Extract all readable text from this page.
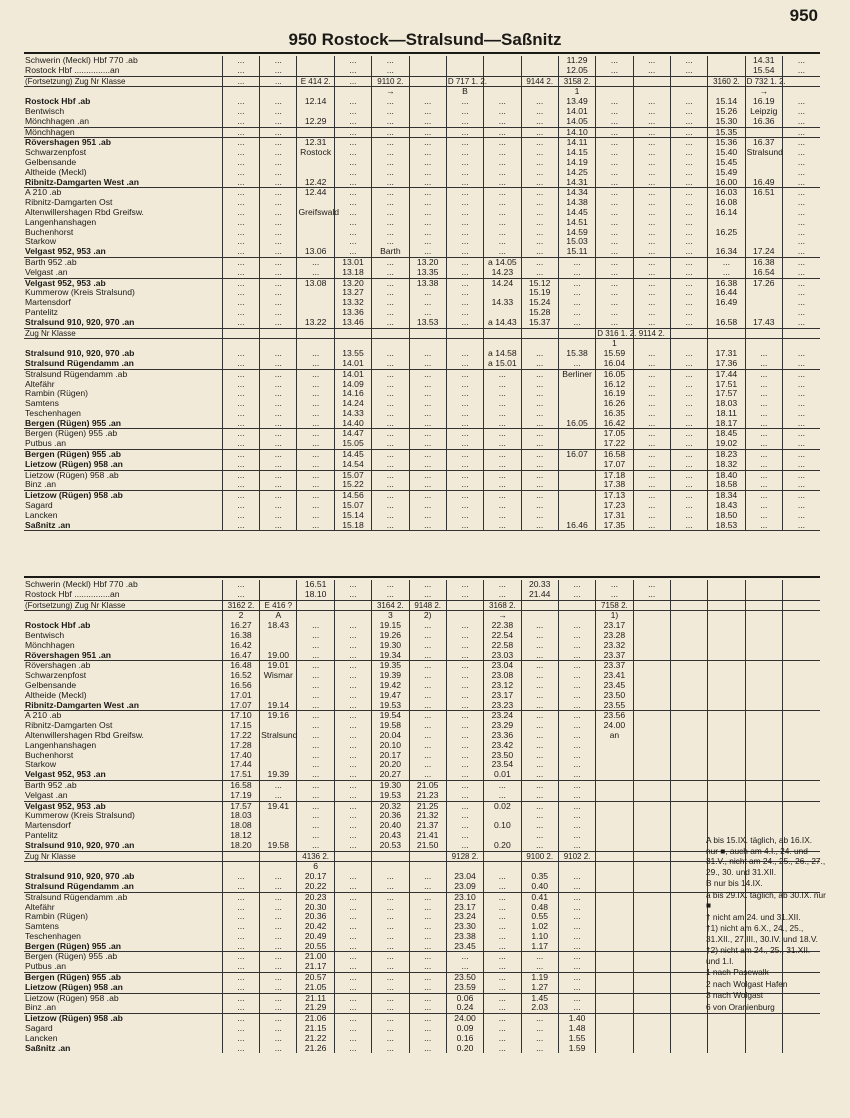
950
950 Rostock—Stralsund—Saßnitz
Schwerin (Meckl) Hbf 770 .ab	...	...		...	...					11.29	...	...	...		14.31	...
Rostock Hbf ...............an	...	...		...	...					12.05	...	...	...		15.54	...
(Fortsetzung) Zug Nr Klasse	...	...	E 414 2.	...	9110 2.		D 717 1. 2.		9144 2.	3158 2.				3160 2.	D 732 1. 2.	
					→		B			1					→	
Rostock Hbf .ab	...	...	12.14	...	...	...	...	...	...	13.49	...	...	...	15.14	16.19	...
Bentwisch	...	...		...	...	...	...	...	...	14.01	...	...	...	15.26	Leipzig	...
Mönchhagen .an	...	...	12.29	...	...	...	...	...	...	14.05	...	...	...	15.30	16.36	...
Mönchhagen	...	...		...	...	...	...	...	...	14.10	...	...	...	15.35		...
Rövershagen 951 .ab	...	...	12.31	...	...	...	...	...	...	14.11	...	...	...	15.36	16.37	...
Schwarzenpfost	...	...	Rostock	...	...	...	...	...	...	14.15	...	...	...	15.40	Stralsund	...
Gelbensande	...	...		...	...	...	...	...	...	14.19	...	...	...	15.45		...
Altheide (Meckl)	...	...		...	...	...	...	...	...	14.25	...	...	...	15.49		...
Ribnitz-Damgarten West .an	...	...	12.42	...	...	...	...	...	...	14.31	...	...	...	16.00	16.49	...
A 210 .ab	...	...	12.44	...	...	...	...	...	...	14.34	...	...	...	16.03	16.51	...
Ribnitz-Damgarten Ost	...	...		...	...	...	...	...	...	14.38	...	...	...	16.08		...
Altenwillershagen Rbd Greifsw.	...	...	Greifswald	...	...	...	...	...	...	14.45	...	...	...	16.14		...
Langenhanshagen	...	...		...	...	...	...	...	...	14.51	...	...	...			...
Buchenhorst	...	...		...	...	...	...	...	...	14.59	...	...	...	16.25		...
Starkow	...	...		...	...	...	...	...	...	15.03	...	...	...			...
Velgast 952, 953 .an	...	...	13.06	...	Barth	...	...	...	...	15.11	...	...	...	16.34	17.24	...
Barth 952 .ab	...	...	...	13.01	...	13.20	...	a 14.05	...	...	...	...	...	...	16.38	...
Velgast .an	...	...	...	13.18	...	13.35	...	14.23	...	...	...	...	...	...	16.54	...
Velgast 952, 953 .ab	...	...	13.08	13.20	...	13.38	...	14.24	15.12	...	...	...	...	16.38	17.26	...
Kummerow (Kreis Stralsund)	...	...		13.27	...	...	...		15.19	...	...	...	...	16.44		...
Martensdorf	...	...		13.32	...	...	...	14.33	15.24	...	...	...	...	16.49		...
Pantelitz	...	...		13.36	...	...	...		15.28	...	...	...	...			...
Stralsund 910, 920, 970 .an	...	...	13.22	13.46	...	13.53	...	a 14.43	15.37	...	...	...	...	16.58	17.43	...
Zug Nr Klasse											D 316 1. 2.	9114 2.				
											1					
Stralsund 910, 920, 970 .ab	...	...	...	13.55	...	...	...	a 14.58	...	15.38	15.59	...	...	17.31	...	...
Stralsund Rügendamm .an	...	...	...	14.01	...	...	...	a 15.01	...	...	16.04	...	...	17.36	...	...
Stralsund Rügendamm .ab	...	...	...	14.01	...	...	...	...	...	Berliner	16.05	...	...	17.44	...	...
Altefähr	...	...	...	14.09	...	...	...	...	...		16.12	...	...	17.51	...	...
Rambin (Rügen)	...	...	...	14.16	...	...	...	...	...		16.19	...	...	17.57	...	...
Samtens	...	...	...	14.24	...	...	...	...	...		16.26	...	...	18.03	...	...
Teschenhagen	...	...	...	14.33	...	...	...	...	...		16.35	...	...	18.11	...	...
Bergen (Rügen) 955 .an	...	...	...	14.40	...	...	...	...	...	16.05	16.42	...	...	18.17	...	...
Bergen (Rügen) 955 .ab	...	...	...	14.47	...	...	...	...	...		17.05	...	...	18.45	...	...
Putbus .an	...	...	...	15.05	...	...	...	...	...		17.22	...	...	19.02	...	...
Bergen (Rügen) 955 .ab	...	...	...	14.45	...	...	...	...	...	16.07	16.58	...	...	18.23	...	...
Lietzow (Rügen) 958 .an	...	...	...	14.54	...	...	...	...	...		17.07	...	...	18.32	...	...
Lietzow (Rügen) 958 .ab	...	...	...	15.07	...	...	...	...	...		17.18	...	...	18.40	...	...
Binz .an	...	...	...	15.22	...	...	...	...	...		17.38	...	...	18.58	...	...
Lietzow (Rügen) 958 .ab	...	...	...	14.56	...	...	...	...	...		17.13	...	...	18.34	...	...
Sagard	...	...	...	15.07	...	...	...	...	...		17.23	...	...	18.43	...	...
Lancken	...	...	...	15.14	...	...	...	...	...		17.31	...	...	18.50	...	...
Saßnitz .an	...	...	...	15.18	...	...	...	...	...	16.46	17.35	...	...	18.53	...	...
Schwerin (Meckl) Hbf 770 .ab	...		16.51	...	...	...	...	...	20.33	...	...	...				
Rostock Hbf ...............an	...		18.10	...	...	...	...	...	21.44	...	...	...				
(Fortsetzung) Zug Nr Klasse	3162 2.	E 416 ?			3164 2.	9148 2.		3168 2.			7158 2.					
	2	A			3	2)		→			1)					
Rostock Hbf .ab	16.27	18.43	...	...	19.15	...	...	22.38	...	...	23.17					
Bentwisch	16.38		...	...	19.26	...	...	22.54	...	...	23.28					
Mönchhagen	16.42		...	...	19.30	...	...	22.58	...	...	23.32					
Rövershagen 951 .an	16.47	19.00	...	...	19.34	...	...	23.03	...	...	23.37					
Rövershagen .ab	16.48	19.01	...	...	19.35	...	...	23.04	...	...	23.37					
Schwarzenpfost	16.52	Wismar	...	...	19.39	...	...	23.08	...	...	23.41					
Gelbensande	16.56		...	...	19.42	...	...	23.12	...	...	23.45					
Altheide (Meckl)	17.01		...	...	19.47	...	...	23.17	...	...	23.50					
Ribnitz-Damgarten West .an	17.07	19.14	...	...	19.53	...	...	23.23	...	...	23.55					
A 210 .ab	17.10	19.16	...	...	19.54	...	...	23.24	...	...	23.56					
Ribnitz-Damgarten Ost	17.15		...	...	19.58	...	...	23.29	...	...	24.00					
Altenwillershagen Rbd Greifsw.	17.22	Stralsund	...	...	20.04	...	...	23.36	...	...	an					
Langenhanshagen	17.28		...	...	20.10	...	...	23.42	...	...						
Buchenhorst	17.40		...	...	20.17	...	...	23.50	...	...						
Starkow	17.44		...	...	20.20	...	...	23.54	...	...						
Velgast 952, 953 .an	17.51	19.39	...	...	20.27	...	...	0.01	...	...						
Barth 952 .ab	16.58	...	...	...	19.30	21.05	...	...	...	...						
Velgast .an	17.19	...	...	...	19.53	21.23	...	...	...	...						
Velgast 952, 953 .ab	17.57	19.41	...	...	20.32	21.25	...	0.02	...	...						
Kummerow (Kreis Stralsund)	18.03		...	...	20.36	21.32	...		...	...						
Martensdorf	18.08		...	...	20.40	21.37	...	0.10	...	...						
Pantelitz	18.12		...	...	20.43	21.41	...		...	...						
Stralsund 910, 920, 970 .an	18.20	19.58	...	...	20.53	21.50	...	0.20	...	...						
Zug Nr Klasse			4136 2.				9128 2.		9100 2.	9102 2.						
			6													
Stralsund 910, 920, 970 .ab	...	...	20.17	...	...	...	23.04	...	0.35	...						
Stralsund Rügendamm .an	...	...	20.22	...	...	...	23.09	...	0.40	...						
Stralsund Rügendamm .ab	...	...	20.23	...	...	...	23.10	...	0.41	...						
Altefähr	...	...	20.30	...	...	...	23.17	...	0.48	...						
Rambin (Rügen)	...	...	20.36	...	...	...	23.24	...	0.55	...						
Samtens	...	...	20.42	...	...	...	23.30	...	1.02	...						
Teschenhagen	...	...	20.49	...	...	...	23.38	...	1.10	...						
Bergen (Rügen) 955 .an	...	...	20.55	...	...	...	23.45	...	1.17	...						
Bergen (Rügen) 955 .ab	...	...	21.00	...	...	...	...	...	...	...						
Putbus .an	...	...	21.17	...	...	...	...	...	...	...						
Bergen (Rügen) 955 .ab	...	...	20.57	...	...	...	23.50	...	1.19	...						
Lietzow (Rügen) 958 .an	...	...	21.05	...	...	...	23.59	...	1.27	...						
Lietzow (Rügen) 958 .ab	...	...	21.11	...	...	...	0.06	...	1.45	...						
Binz .an	...	...	21.29	...	...	...	0.24	...	2.03	...						
Lietzow (Rügen) 958 .ab	...	...	21.06	...	...	...	24.00	...	...	1.40						
Sagard	...	...	21.15	...	...	...	0.09	...	...	1.48						
Lancken	...	...	21.22	...	...	...	0.16	...	...	1.55						
Saßnitz .an	...	...	21.26	...	...	...	0.20	...	...	1.59						
A bis 15.IX. täglich, ab 16.IX. nur ■, auch am 4.I., 24. und 31.V., nicht am 24., 25., 26., 27., 29., 30. und 31.XII.
B nur bis 14.IX.
a bis 29.IX. täglich, ab 30.IX. nur ■
† nicht am 24. und 31.XII.
†1) nicht am 6.X., 24., 25., 31.XII., 27.III., 30.IV. und 18.V.
†2) nicht am 24., 25., 31.XII. und 1.I.
1 nach Pasewalk
2 nach Wolgast Hafen
3 nach Wolgast
6 von Oranienburg
